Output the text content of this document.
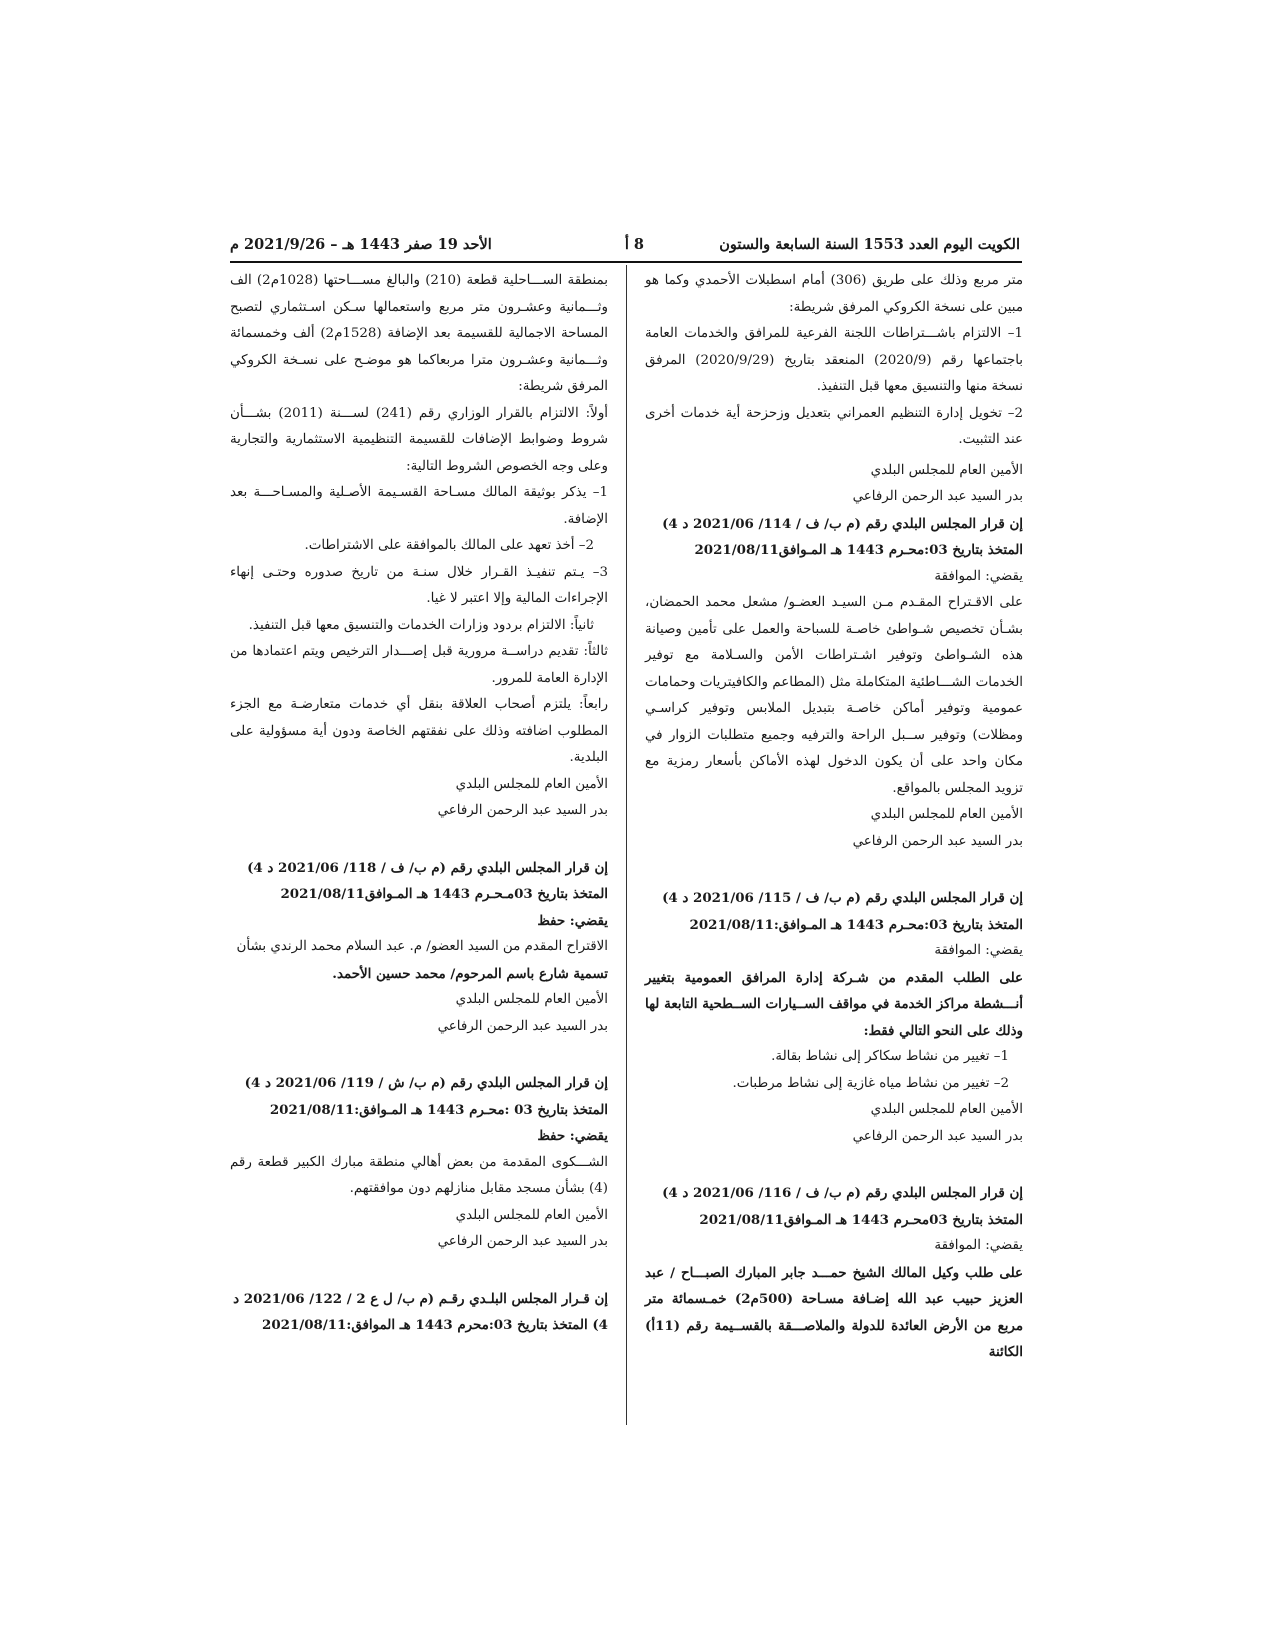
الكويت اليوم العدد 1553 السنة السابعة والستون
8 أ
الأحد 19 صفر 1443 هـ – 2021/9/26 م
متر مربع وذلك على طريق (306) أمام اسطبلات الأحمدي وكما هو مبين على نسخة الكروكي المرفق شريطة:
1– الالتزام باشـــتراطات اللجنة الفرعية للمرافق والخدمات العامة باجتماعها رقم (2020/9) المنعقد بتاريخ (2020/9/29) المرفق نسخة منها والتنسيق معها قبل التنفيذ.
2– تخويل إدارة التنظيم العمراني بتعديل وزحزحة أية خدمات أخرى عند التثبيت.
الأمين العام للمجلس البلدي
بدر السيد عبد الرحمن الرفاعي
إن قرار المجلس البلدي رقم (م ب/ ف / 114/ 2021/06 د 4)
المتخذ بتاريخ 03:محـرم 1443 هـ المـوافق2021/08/11
يقضي: الموافقة
على الاقـتراح المقـدم مـن السيـد العضـو/ مشعل محمد الحمضان، بشـأن تخصيص شـواطئ خاصـة للسباحة والعمل على تأمين وصيانة هذه الشـواطئ وتوفير اشـتراطات الأمن والسـلامة مع توفير الخدمات الشـــاطئية المتكاملة مثل (المطاعم والكافيتريات وحمامات عمومية وتوفير أماكن خاصـة بتبديل الملابس وتوفير كراسـي ومظلات) وتوفير ســبل الراحة والترفيه وجميع متطلبات الزوار في مكان واحد على أن يكون الدخول لهذه الأماكن بأسعار رمزية مع تزويد المجلس بالمواقع.
الأمين العام للمجلس البلدي
بدر السيد عبد الرحمن الرفاعي
إن قرار المجلس البلدي رقم (م ب/ ف / 115/ 2021/06 د 4)
المتخذ بتاريخ 03:محـرم 1443 هـ المـوافق:2021/08/11
يقضي: الموافقة
على الطلب المقدم من شـركة إدارة المرافق العمومية بتغيير أنـــشطة مراكز الخدمة في مواقف الســيارات الســطحية التابعة لها وذلك على النحو التالي فقط:
1– تغيير من نشاط سكاكر إلى نشاط بقالة.
2– تغيير من نشاط مياه غازية إلى نشاط مرطبات.
الأمين العام للمجلس البلدي
بدر السيد عبد الرحمن الرفاعي
إن قرار المجلس البلدي رقم (م ب/ ف / 116/ 2021/06 د 4)
المتخذ بتاريخ 03محـرم 1443 هـ المـوافق2021/08/11
يقضي: الموافقة
على طلب وكيل المالك الشيخ حمـــد جابر المبارك الصبـــاح / عبد العزيز حبيب عبد الله إضـافة مسـاحة (500م2) خمـسمائة متر مربع من الأرض العائدة للدولة والملاصـــقة بالقســيمة رقم (11أ) الكائنة
بمنطقة الســـاحلية قطعة (210) والبالغ مســـاحتها (1028م2) الف وثـــمانية وعشـرون متر مربع واستعمالها سـكن اسـتثماري لتصبح المساحة الاجمالية للقسيمة بعد الإضافة (1528م2) ألف وخمسمائة وثـــمانية وعشـرون مترا مربعاكما هو موضـح على نسـخة الكروكي المرفق شريطة:
أولاً: الالتزام بالقرار الوزاري رقم (241) لســـنة (2011) بشـــأن شروط وضوابط الإضافات للقسيمة التنظيمية الاستثمارية والتجارية وعلى وجه الخصوص الشروط التالية:
1– يذكر بوثيقة المالك مسـاحة القسـيمة الأصـلية والمسـاحـــة بعد الإضافة.
2– أخذ تعهد على المالك بالموافقة على الاشتراطات.
3– يـتم تنفيـذ القـرار خلال سنـة من تاريخ صدوره وحتـى إنهاء الإجراءات المالية وإلا اعتبر لا غيا.
ثانياً: الالتزام بردود وزارات الخدمات والتنسيق معها قبل التنفيذ.
ثالثاً: تقديم دراســة مرورية قبل إصـــدار الترخيص ويتم اعتمادها من الإدارة العامة للمرور.
رابعاً: يلتزم أصحاب العلاقة بنقل أي خدمات متعارضـة مع الجزء المطلوب اضافته وذلك على نفقتهم الخاصة ودون أية مسؤولية على البلدية.
الأمين العام للمجلس البلدي
بدر السيد عبد الرحمن الرفاعي
إن قرار المجلس البلدي رقم (م ب/ ف / 118/ 2021/06 د 4)
المتخذ بتاريخ 03مـحـرم 1443 هـ المـوافق2021/08/11
يقضي: حفظ
الاقتراح المقدم من السيد العضو/ م. عبد السلام محمد الرندي بشأن
تسمية شارع باسم المرحوم/ محمد حسين الأحمد.
الأمين العام للمجلس البلدي
بدر السيد عبد الرحمن الرفاعي
إن قرار المجلس البلدي رقم (م ب/ ش / 119/ 2021/06 د 4)
المتخذ بتاريخ 03 :محـرم 1443 هـ المـوافق:2021/08/11
يقضي: حفظ
الشـــكوى المقدمة من بعض أهالي منطقة مبارك الكبير قطعة رقم (4) بشأن مسجد مقابل منازلهم دون موافقتهم.
الأمين العام للمجلس البلدي
بدر السيد عبد الرحمن الرفاعي
إن قـرار المجلس البلـدي رقـم (م ب/ ل ع 2 / 122/ 2021/06 د
4) المتخذ بتاريخ 03:محرم 1443 هـ الموافق:2021/08/11
